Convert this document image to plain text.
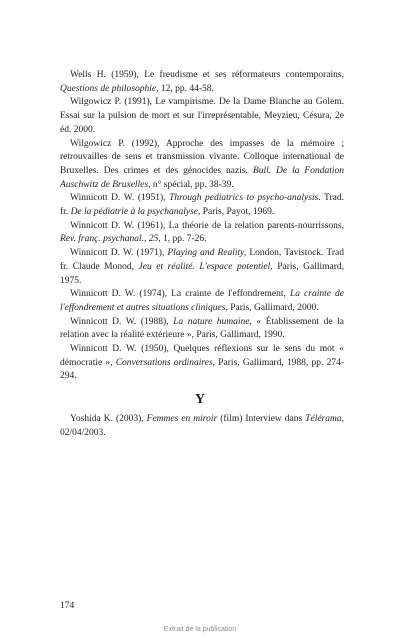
Wells H. (1959), Le freudisme et ses réformateurs contemporains, Questions de philosophie, 12, pp. 44-58.

Wilgowicz P. (1991), Le vampirisme. De la Dame Blanche au Golem. Essai sur la pulsion de mort et sur l'irreprésentable, Meyzieu, Césura, 2e éd. 2000.

Wilgowicz P. (1992), Approche des impasses de la mémoire ; retrouvailles de sens et transmission vivante. Colloque international de Bruxelles. Des crimes et des génocides nazis. Bull. De la Fondation Auschwitz de Bruxelles, n° spécial, pp. 38-39.

Winnicott D. W. (1951), Through pediatrics to psycho-analysis. Trad. fr. De la pédiatrie à la psychanalyse, Paris, Payot, 1969.

Winnicott D. W. (1961), La théorie de la relation parents-nourrissons, Rev. franç. psychanal., 25, 1, pp. 7-26.

Winnicott D. W. (1971), Playing and Reality, London, Tavistock. Trad fr. Claude Monod, Jeu et réalité. L'espace potentiel, Paris, Gallimard, 1975.

Winnicott D. W. (1974), La crainte de l'effondrement, La crainte de l'effondrement et autres situations cliniques, Paris, Gallimard, 2000.

Winnicott D. W. (1988), La nature humaine, « Établissement de la relation avec la réalité extérieure », Paris, Gallimard, 1990.

Winnicott D. W. (1950), Quelques réflexions sur le sens du mot « démocratie », Conversations ordinaires, Paris, Gallimard, 1988, pp. 274-294.

Y

Yoshida K. (2003), Femmes en miroir (film) Interview dans Télérama, 02/04/2003.

174

Extrait de la publication
